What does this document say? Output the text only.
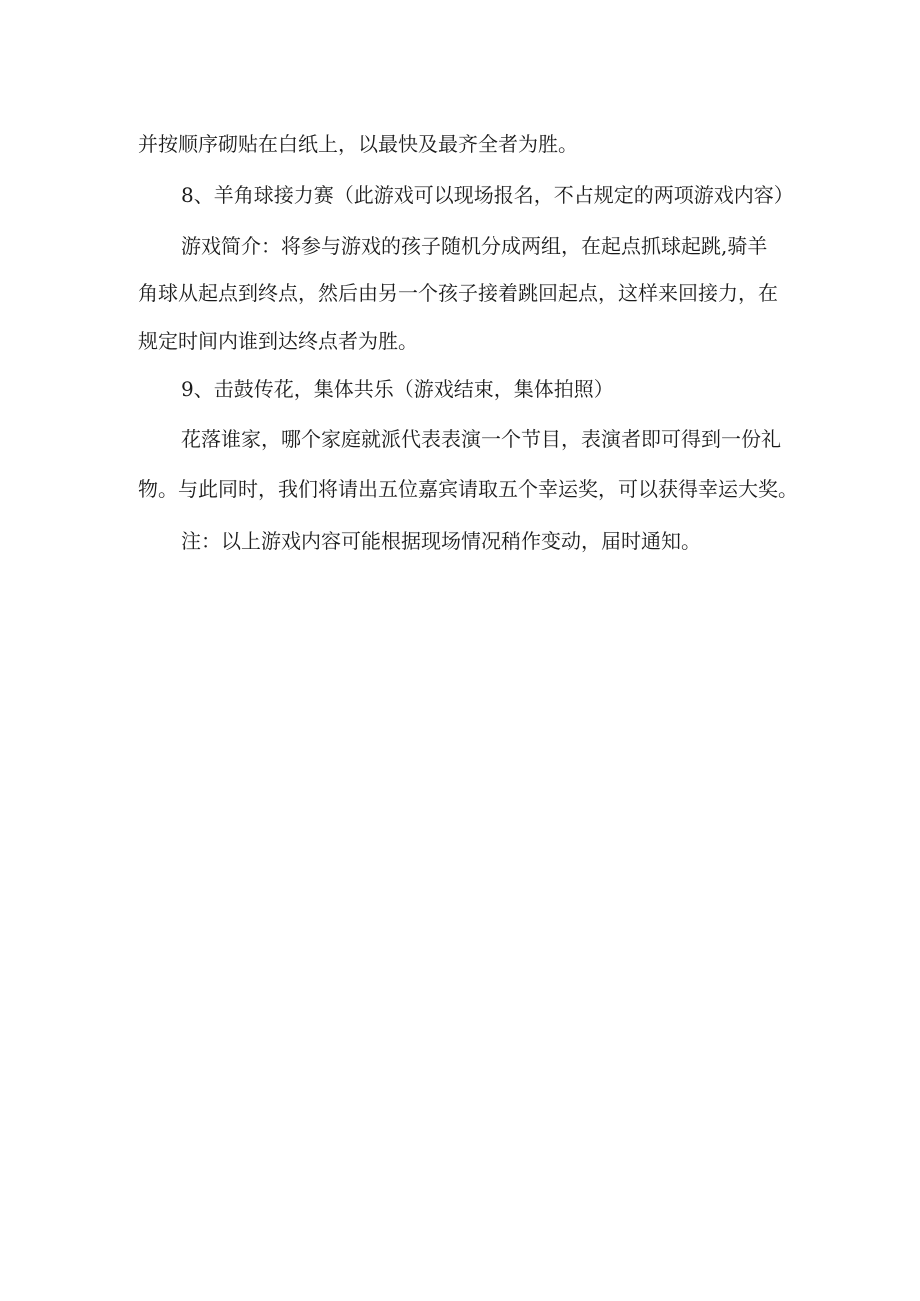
并按顺序砌贴在白纸上，以最快及最齐全者为胜。
8、羊角球接力赛（此游戏可以现场报名，不占规定的两项游戏内容）
游戏简介：将参与游戏的孩子随机分成两组，在起点抓球起跳,骑羊
角球从起点到终点，然后由另一个孩子接着跳回起点，这样来回接力，在
规定时间内谁到达终点者为胜。
9、击鼓传花，集体共乐（游戏结束，集体拍照）
花落谁家，哪个家庭就派代表表演一个节目，表演者即可得到一份礼
物。与此同时，我们将请出五位嘉宾请取五个幸运奖，可以获得幸运大奖。
注：以上游戏内容可能根据现场情况稍作变动，届时通知。
